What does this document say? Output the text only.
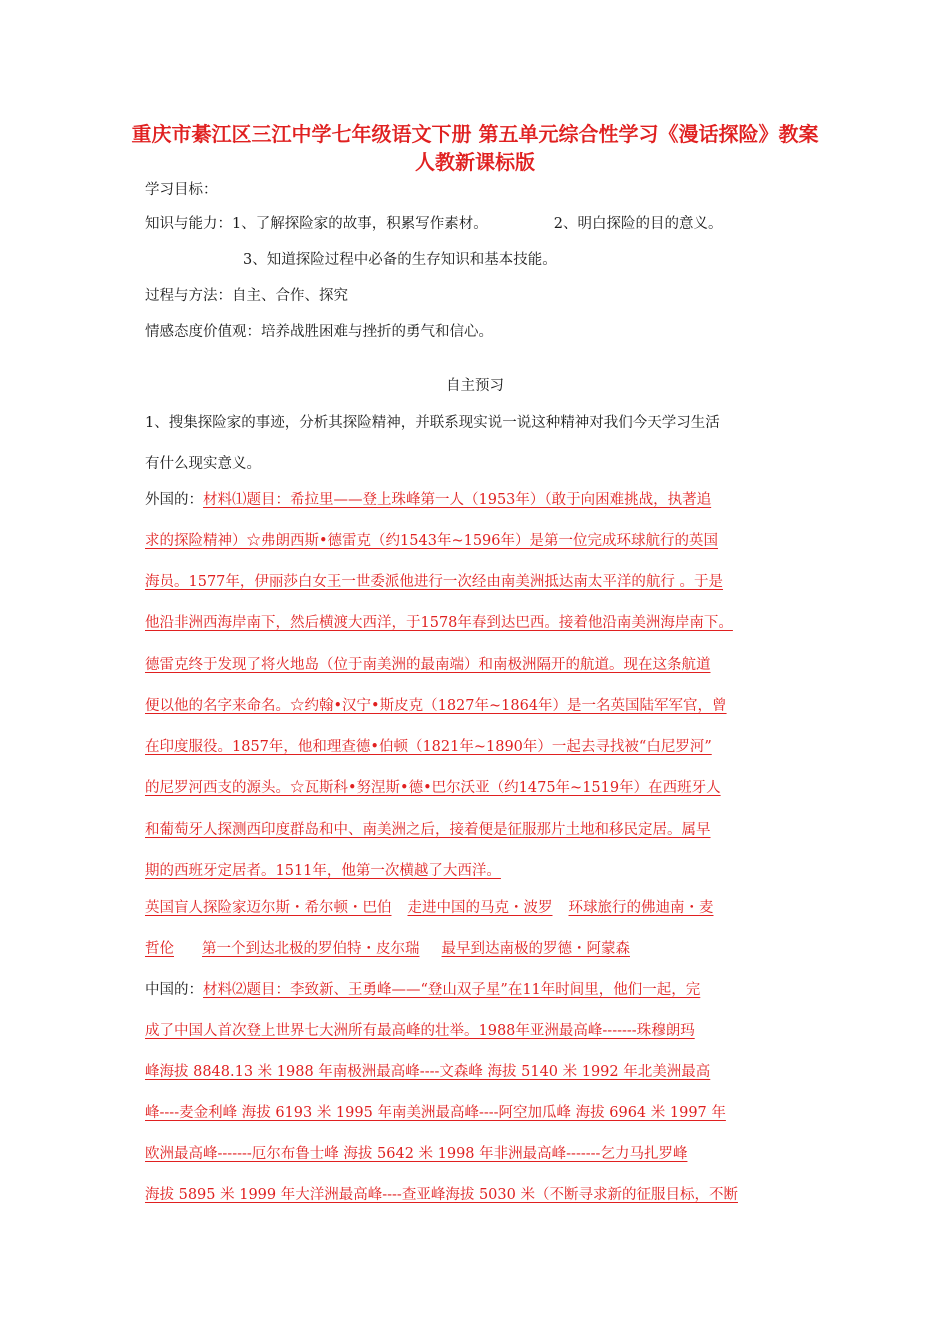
重庆市綦江区三江中学七年级语文下册 第五单元综合性学习《漫话探险》教案 人教新课标版
学习目标：
知识与能力：1、了解探险家的故事，积累写作素材。	2、明白探险的目的意义。
3、知道探险过程中必备的生存知识和基本技能。
过程与方法：自主、合作、探究
情感态度价值观：培养战胜困难与挫折的勇气和信心。
自主预习
1、搜集探险家的事迹，分析其探险精神，并联系现实说一说这种精神对我们今天学习生活
有什么现实意义。
外国的：材料⑴题目：希拉里——登上珠峰第一人（1953年）（敢于向困难挑战，执著追
求的探险精神）☆弗朗西斯•德雷克（约1543年~1596年）是第一位完成环球航行的英国
海员。1577年，伊丽莎白女王一世委派他进行一次经由南美洲抵达南太平洋的航行 。于是
他沿非洲西海岸南下，然后横渡大西洋，于1578年春到达巴西。接着他沿南美洲海岸南下。
德雷克终于发现了将火地岛（位于南美洲的最南端）和南极洲隔开的航道。现在这条航道
便以他的名字来命名。☆约翰•汉宁•斯皮克（1827年~1864年）是一名英国陆军军官，曾
在印度服役。1857年，他和理查德•伯顿（1821年~1890年）一起去寻找被“白尼罗河”
的尼罗河西支的源头。☆瓦斯科•努涅斯•德•巴尔沃亚（约1475年~1519年）在西班牙人
和葡萄牙人探测西印度群岛和中、南美洲之后，接着便是征服那片土地和移民定居。属早
期的西班牙定居者。1511年，他第一次横越了大西洋。
英国盲人探险家迈尔斯・希尔顿・巴伯 走进中国的马克・波罗 环球旅行的佛迪南・麦
哲伦 第一个到达北极的罗伯特・皮尔瑞 最早到达南极的罗德・阿蒙森
中国的：材料⑵题目：李致新、王勇峰——“登山双子星”在11年时间里，他们一起，完
成了中国人首次登上世界七大洲所有最高峰的壮举。1988年亚洲最高峰-------珠穆朗玛
峰海拔 8848.13 米 1988 年南极洲最高峰----文森峰 海拔 5140 米 1992 年北美洲最高
峰----麦金利峰 海拔 6193 米 1995 年南美洲最高峰----阿空加瓜峰 海拔 6964 米 1997 年
欧洲最高峰-------厄尔布鲁士峰 海拔 5642 米 1998 年非洲最高峰-------乞力马扎罗峰
海拔 5895 米 1999 年大洋洲最高峰----查亚峰海拔 5030 米（不断寻求新的征服目标，不断
